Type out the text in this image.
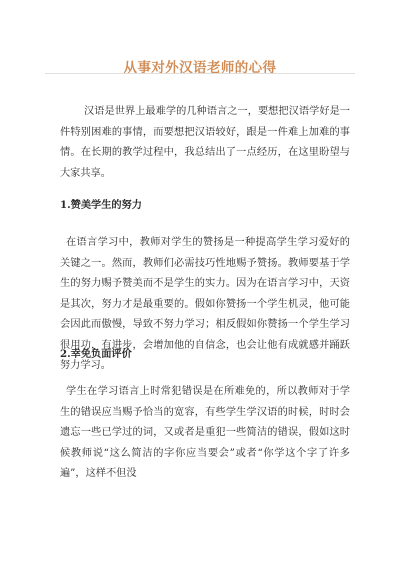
从事对外汉语老师的心得

汉语是世界上最难学的几种语言之一，要想把汉语学好是一件特别困难的事情，而要想把汉语较好，跟是一件难上加难的事情。在长期的教学过程中，我总结出了一点经历，在这里盼望与大家共享。

1.赞美学生的努力

在语言学习中，教师对学生的赞扬是一种提高学生学习爱好的关键之一。然而，教师们必需技巧性地赐予赞扬。教师要基于学生的努力赐予赞美而不是学生的实力。因为在语言学习中，天资是其次，努力才是最重要的。假如你赞扬一个学生机灵，他可能会因此而傲慢，导致不努力学习；相反假如你赞扬一个学生学习很用功，有进步，会增加他的自信念，也会让他有成就感并踊跃努力学习。

2.幸免负面评价

学生在学习语言上时常犯错误是在所难免的，所以教师对于学生的错误应当赐予恰当的宽容，有些学生学汉语的时候，时时会遗忘一些已学过的词，又或者是重犯一些简洁的错误，假如这时候教师说“这么简洁的字你应当要会”或者“你学这个字了许多遍”，这样不但没
